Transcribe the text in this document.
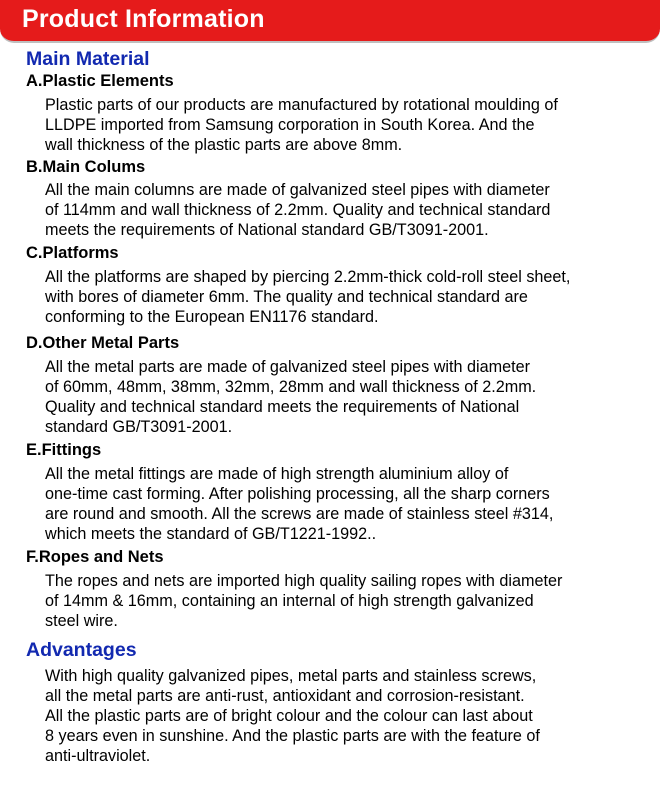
Product Information
Main Material
A.Plastic Elements
Plastic parts of our products are manufactured by rotational moulding of
LLDPE imported from Samsung corporation in South Korea. And the
wall thickness of the plastic parts are above 8mm.
B.Main Colums
All the main columns are made of galvanized steel pipes with diameter
of 114mm and wall thickness of 2.2mm. Quality and technical standard
meets the requirements of National standard GB/T3091-2001.
C.Platforms
All the platforms are shaped by piercing 2.2mm-thick cold-roll steel sheet,
with bores of diameter 6mm. The quality and technical standard are
conforming to the European EN1176 standard.
D.Other Metal Parts
All the metal parts are made of galvanized steel pipes with diameter
of 60mm, 48mm, 38mm, 32mm, 28mm and wall thickness of 2.2mm.
Quality and technical standard meets the requirements of National
standard GB/T3091-2001.
E.Fittings
All the metal fittings are made of high strength aluminium alloy of
one-time cast forming. After polishing processing, all the sharp corners
are round and smooth. All the screws are made of stainless steel #314,
which meets the standard of GB/T1221-1992..
F.Ropes and Nets
The ropes and nets are imported high quality sailing ropes with diameter
of 14mm & 16mm, containing an internal of high strength galvanized
steel wire.
Advantages
With high quality galvanized pipes, metal parts and stainless screws,
all the metal parts are anti-rust, antioxidant and corrosion-resistant.
All the plastic parts are of bright colour and the colour can last about
8 years even in sunshine. And the plastic parts are with the feature of
anti-ultraviolet.
